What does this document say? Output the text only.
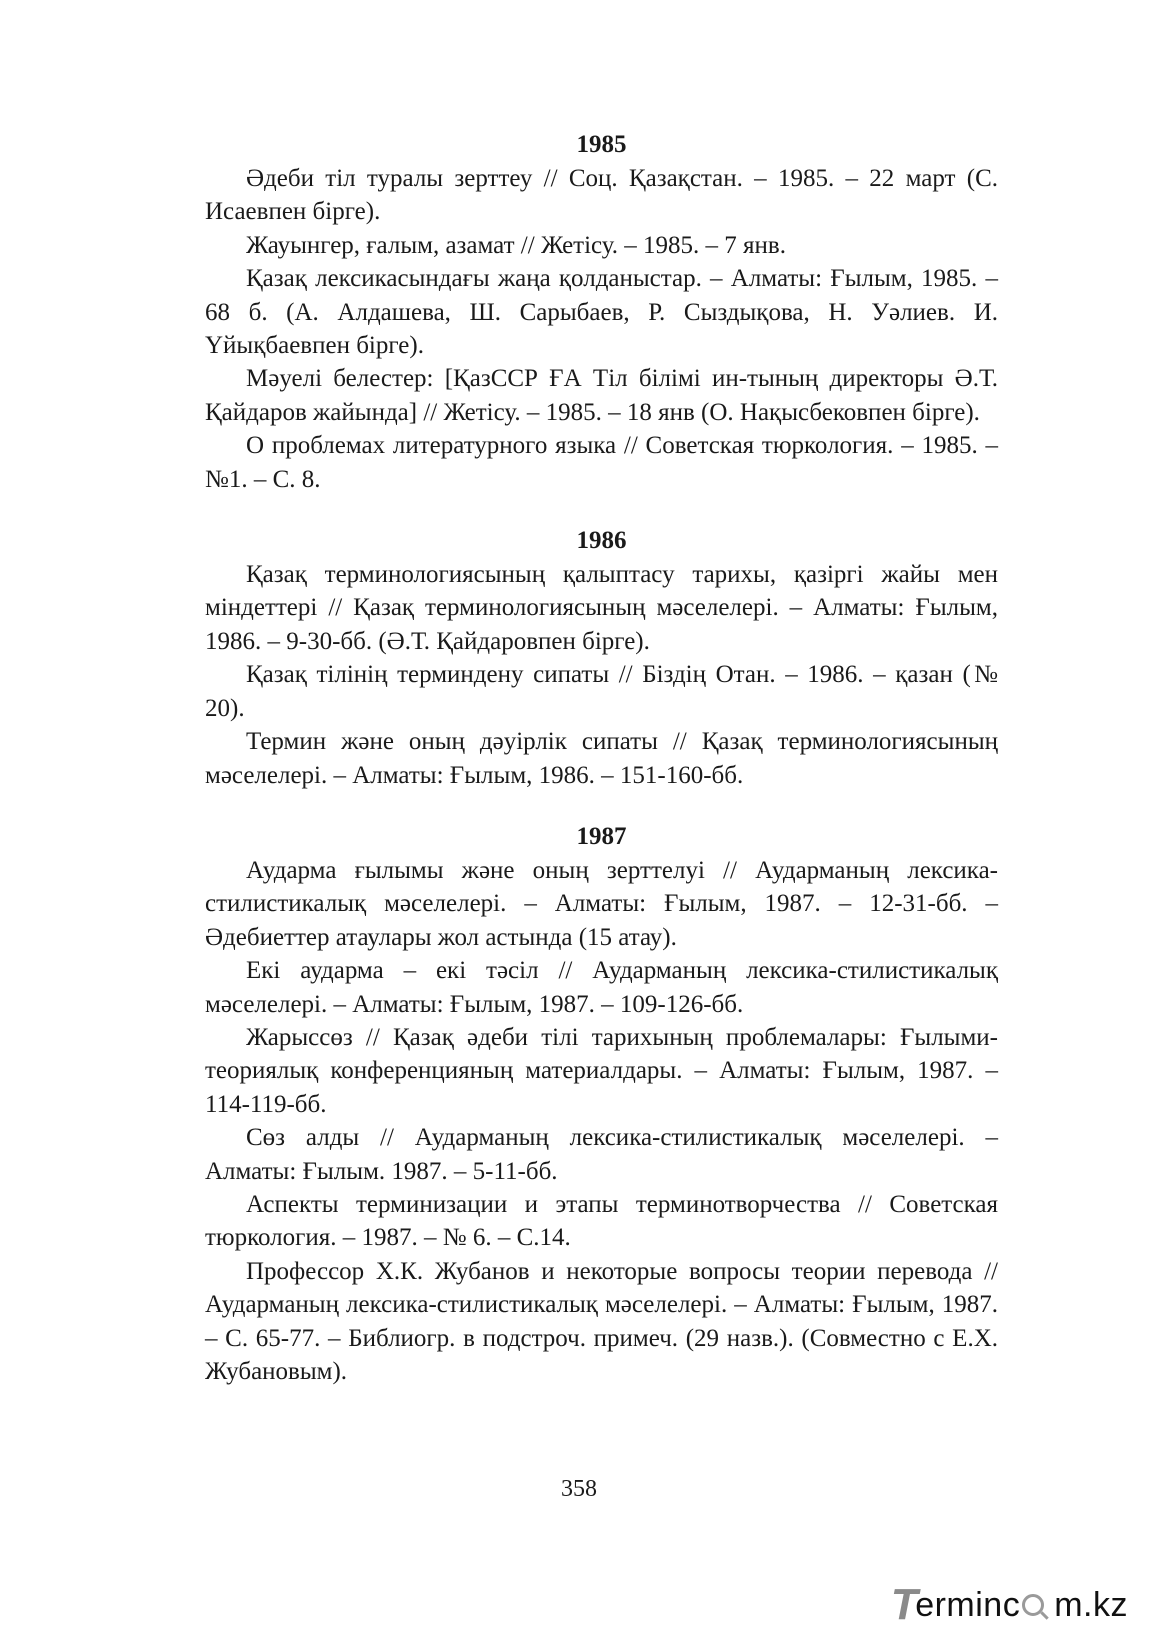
1985

Әдеби тіл туралы зерттеу // Соц. Қазақстан. – 1985. – 22 март (С. Исаевпен бірге).

Жауынгер, ғалым, азамат // Жетісу. – 1985. – 7 янв.

Қазақ лексикасындағы жаңа қолданыстар. – Алматы: Ғылым, 1985. – 68 б. (А. Алдашева, Ш. Сарыбаев, Р. Сыздықова, Н. Уәлиев. И. Үйықбаевпен бірге).

Мәуелі белестер: [ҚазССР ҒА Тіл білімі ин-тының директоры Ә.Т. Қайдаров жайында] // Жетісу. – 1985. – 18 янв (О. Нақысбековпен бірге).

О проблемах литературного языка // Советская тюркология. – 1985. – №1. – С. 8.

1986

Қазақ терминологиясының қалыптасу тарихы, қазіргі жайы мен міндеттері // Қазақ терминологиясының мәселелері. – Алматы: Ғылым, 1986. – 9-30-бб. (Ә.Т. Қайдаровпен бірге).

Қазақ тілінің терминдену сипаты // Біздің Отан. – 1986. – қазан (№ 20).

Термин және оның дәуірлік сипаты // Қазақ терминологиясының мәселелері. – Алматы: Ғылым, 1986. – 151-160-бб.

1987

Аударма ғылымы және оның зерттелуі // Аударманың лексика-стилистикалық мәселелері. – Алматы: Ғылым, 1987. – 12-31-бб. – Әдебиеттер атаулары жол астында (15 атау).

Екі аударма – екі тәсіл // Аударманың лексика-стилистикалық мәселелері. – Алматы: Ғылым, 1987. – 109-126-бб.

Жарыссөз // Қазақ әдеби тілі тарихының проблемалары: Ғылыми-теориялық конференцияның материалдары. – Алматы: Ғылым, 1987. – 114-119-бб.

Сөз алды // Аударманың лексика-стилистикалық мәселелері. – Алматы: Ғылым. 1987. – 5-11-бб.

Аспекты терминизации и этапы терминотворчества // Советская тюркология. – 1987. – № 6. – С.14.

Профессор Х.К. Жубанов и некоторые вопросы теории перевода // Аударманың лексика-стилистикалық мәселелері. – Алматы: Ғылым, 1987. – С. 65-77. – Библиогр. в подстроч. примеч. (29 назв.). (Совместно с Е.Х. Жубановым).

358

T
erminc m.kz
